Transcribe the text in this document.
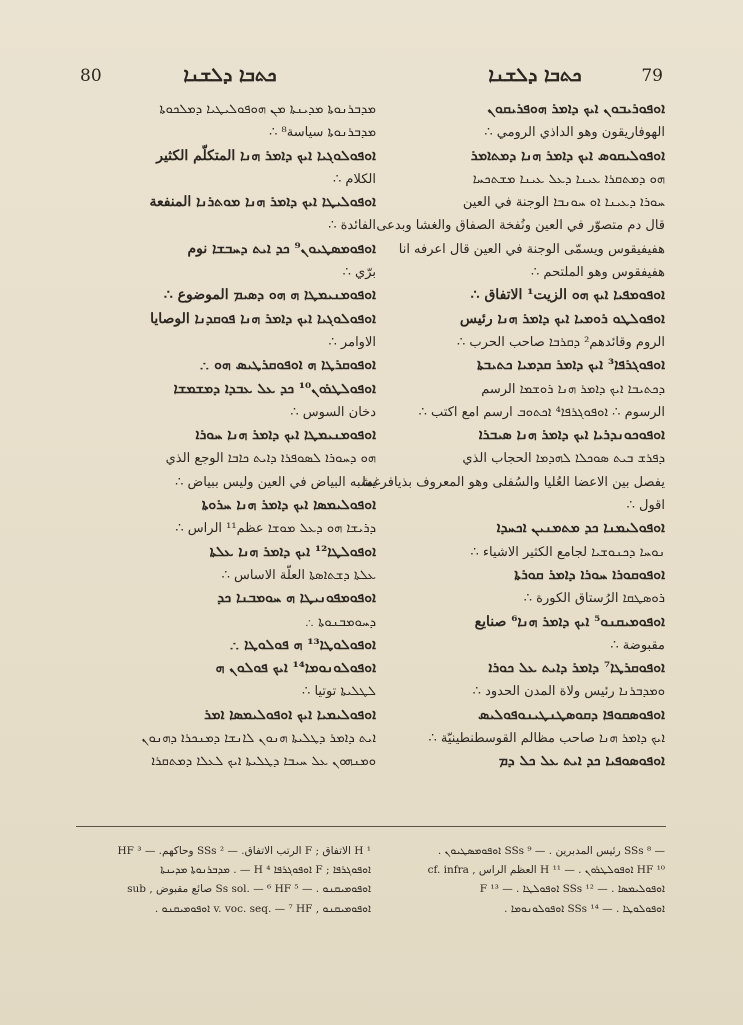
80	ܟܬܒܐ ܕܠܫܢܐ	ܟܬܒܐ ܕܠܫܢܐ	79
ܡܕܒܪܢܘܬܐ ܡܕܝܢܬܐ ܡܢ ܗܘܦܘܠܝܛܝܐ ܕܡܠܟܘܬܐ
ܡܕܒܪܢܘܬܐ سياسة⁸ ∴
ܐܘܦܘܠܘܓܝܐ ܐܝܟ ܕܐܡܪ ܗܢܐ المتكلّم الكثير
الكلام ∴
ܐܘܦܘܠܝܛܐ ܐܝܟ ܕܐܡܪ ܗܢܐ ܡܘܬܪܢܐ المنفعة
الفائدة ∴
ܐܘܦܘܡܣܛܝܘܢ⁹ ܟܕ ܐܝܬ ܕܚܒܫܐ نوم
برّي ∴
ܐܘܦܘܡܢܝܡܛܐ ܗ ܗܘ ܕܣܝܡ الموضوع ∴
ܐܘܦܘܠܘܓܝܐ ܐܝܟ ܕܐܡܪ ܗܢܐ ܦܘܩܕܢܐ الوصايا
الاوامر ∴
ܐܘܦܘܩܪܛܐ ܗ ܐܘܦܘܩܪܛܝܣ ܗܘ ∴
ܐܘܦܘܠܛܪܘܢ¹⁰ ܟܕ ܥܠ ܥܒܕܐ ܕܡܫܡܫܐ
دخان السوس ∴
ܐܘܦܘܡܢܝܡܛܐ ܐܝܟ ܕܐܡܪ ܗܢܐ ܚܘܪܐ
ܗܘ ܕܚܘܪܐ ܠܣܘܦܪܐ ܕܐܝܬ ܟܐܒܐ الوجع الذي
يشبه البياض في العين وليس ببياض ∴
ܐܘܦܘܠܝܡܣܐ ܐܝܟ ܕܐܡܪ ܗܢܐ ܚܪܘܬܐ
ܕܪܝܫܐ ܗܘ ܕܥܠ ܡܘܫܐ عظم¹¹ الراس ∴
ܐܘܦܘܠܛܐ¹² ܐܝܟ ܕܐܡܪ ܗܢܐ ܥܠܬܐ
ܥܠܬܐ ܕܫܬܐܣܬܐ العلّة الاساس ∴
ܐܘܦܘܡܦܘܢܝܛܐ ܗ ܚܘܡܒܢܐ ܟܕ
ܕܚܘܡܒܢܘܬܐ ∴
ܐܘܦܘܠܘܛܐ¹³ ܗ ܦܘܠܘܛܐ ∴
ܐܘܦܘܠܘܢܘܡܐ¹⁴ ܐܝܟ ܦܘܠܘܢ ܗ
ܠܛܠܝܬܐ توتيا ∴
ܐܘܦܘܠܝܡܝܐ ܐܝܟ ܐܘܦܘܠܝܡܣܐ ܐܡܪ
ܐܝܬ ܕܐܡܪ ܕܛܠܝܬܐ ܗܢܘܢ ܠܐܢܫܐ ܕܡܢܟܪܐ ܕܗܢܘܢ
ܘܡܢܗܘܢ ܥܠ ܚܝܒܐ ܕܛܠܝܬܐ ܐܝܟ ܠܥܠܐ ܕܡܬܩܪܐ
ܐܘܦܘܪܝܒܘܢ ܐܝܟ ܕܐܡܪ ܗܘܦܪܝܩܘܢ
الهوفاريقون وهو الداذي الرومي ∴
ܐܘܦܘܠܝܩܘܣ ܐܝܟ ܕܐܡܪ ܗܢܐ ܕܡܬܐܡܪ
ܗܘ ܕܡܬܩܪܐ ܥܝܢܐ ܕܥܠ ܥܝܢܐ ܡܫܬܟܚܐ
ܚܘܪܐ ܕܥܝܢܐ ܐܘ ܚܘܢܒܐ الوجنة في العين
قال دم متصوّر في العين ونُفخة الصفاق والغشا وبدعى
هفيفيقوس ويسمّى الوجنة في العين قال اعرفه انا
هفيفقوس وهو الملتحم ∴
ܐܘܦܘܡܦܝܐ ܐܝܟ ܗܘ الزيت¹ الاتفاق ∴
ܐܘܦܘܠܛܘ ܪܘܡܝܐ ܐܝܟ ܕܐܡܪ ܗܢܐ رئيس
الروم وقائدهم² ܕܩܪܒܐ صاحب الحرب ∴
ܐܘܦܘܓܪܦܐ³ ܐܝܟ ܕܐܡܪ ܩܕܡܝܐ ܟܬܝܒܬܐ
ܕܟܬܝܒܐ ܐܝܟ ܕܐܡܪ ܗܢܐ ܪܘܫܡܐ الرسم
الرسوم ∴ ܐܘܦܘܓܪܦܐ⁴ ܐܟܬܘܒ ارسم امع اكتب ∴
ܐܘܦܘܟܘܢܕܪܝܐ ܐܝܟ ܕܐܡܪ ܗܢܐ ܣܝܒܪܐ
ܕܦܪܫ ܒܝܬ ܣܘܟܠܐ ܠܗܕܡܐ الحجاب الذي
يفصل بين الاعضا العُليا والسُفلى وهو المعروف بذيافرغما
اقول ∴
ܐܘܦܘܠܝܡܢܐ ܟܕ ܡܬܡܢܝܢ ܐܟܚܕܐ
ܢܘܚܐ ܕܟܢܘܫܝܐ لجامع الكثير الاشياء ∴
ܐܘܦܘܩܘܪܐ ܚܘܪܐ ܕܐܡܪ ܩܘܪܬܐ
ܪܘܣܛܩܐ الرُستاق الكورة ∴
ܐܘܦܘܡܝܩܢܘ⁵ ܐܝܟ ܕܐܡܪ ܗܢܐ⁶ صنايع
مقبوضة ∴
ܐܘܦܘܩܪܛܐ⁷ ܕܐܡܪ ܕܐܝܬ ܥܠ ܟܘܪܐ
ܘܡܕܒܪܢܐ رئيس ولاة المدن الحدود ∴
ܐܘܦܘܣܩܘܦܐ ܕܩܘܣܛܢܛܝܢܘܦܘܠܝܣ
ܐܝܟ ܕܐܡܪ ܗܢܐ صاحب مظالم القوسطنطينيّة ∴
ܐܘܦܘܣܘܦܝܐ ܟܕ ܐܝܬ ܥܠ ܟܠ ܕܡ
¹ H الاتفاق ; F الرتب الاتفاق. — ² SSs وحاكهم. — ³ HF
ܐܘܦܘܓܪܦܐ ; F ܐܘܦܘܓܪܦܐ H ⁴ — . ܡܕܒܪܢܘܬܐ ܡܕܝܢܬܐ
ܐܘܦܘܡܝܩܢܘ . — ⁵ Ss sol. — ⁶ HF صائع مقبوض , sub
ܐܘܦܘܡܝܩܢܘ , v. voc. seq. — ⁷ HF ܐܘܦܘܡܝܩܢܘ .
— ⁸ SSs رئيس المدبرين . — ⁹ SSs ܐܘܦܘܡܣܛܝܘܢ .
¹⁰ HF ܐܘܦܘܠܛܪܘܢ . — ¹¹ H العظم الراس , cf. infra
ܐܘܦܘܠܝܡܣܐ . — ¹² SSs ܐܘܦܘܠܛܐ . — ¹³ F
ܐܘܦܘܠܘܛܐ . — ¹⁴ SSs ܐܘܦܘܠܘܢܘܡܐ .
